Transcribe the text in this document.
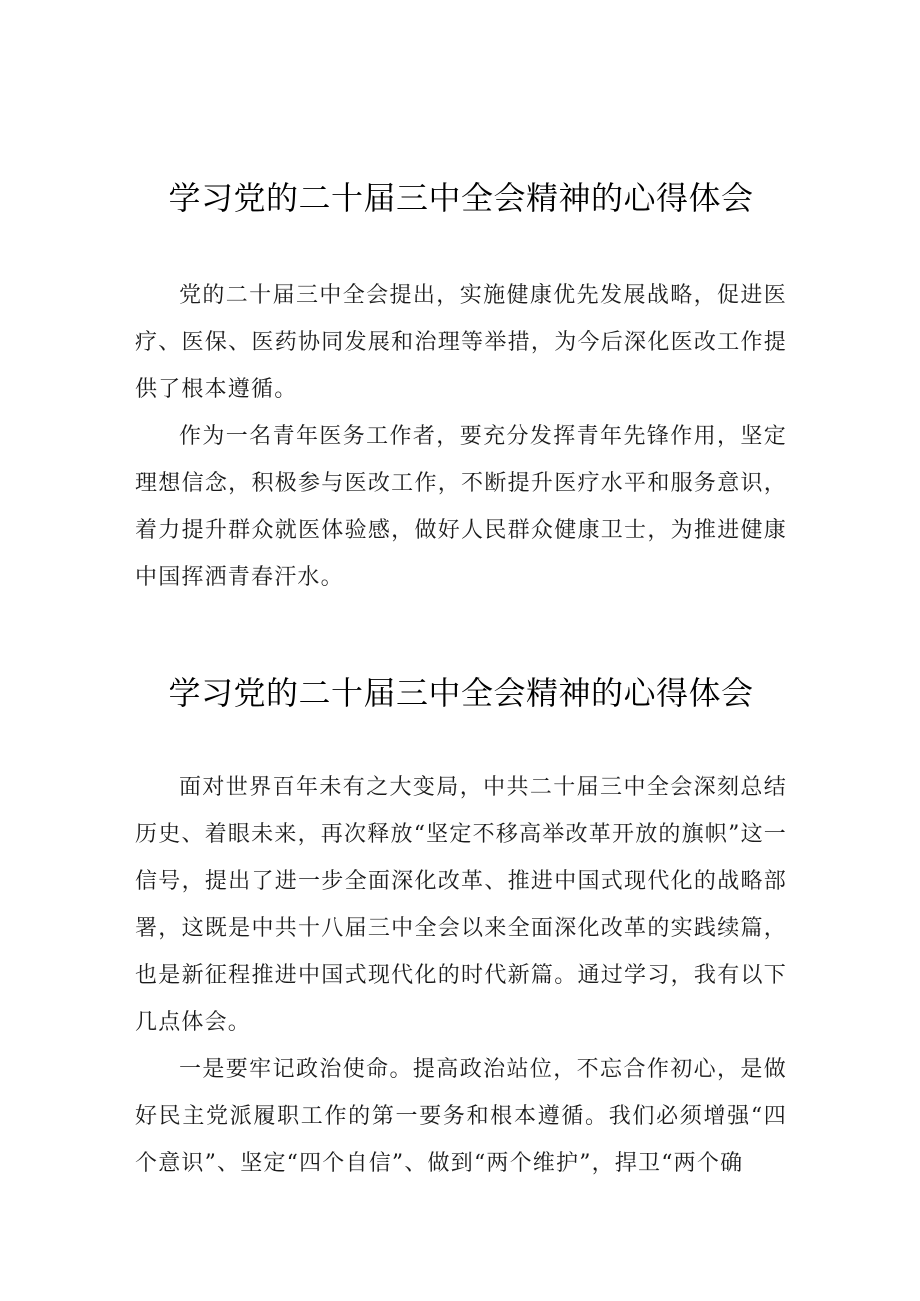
学习党的二十届三中全会精神的心得体会

党的二十届三中全会提出，实施健康优先发展战略，促进医疗、医保、医药协同发展和治理等举措，为今后深化医改工作提供了根本遵循。

作为一名青年医务工作者，要充分发挥青年先锋作用，坚定理想信念，积极参与医改工作，不断提升医疗水平和服务意识，着力提升群众就医体验感，做好人民群众健康卫士，为推进健康中国挥洒青春汗水。

学习党的二十届三中全会精神的心得体会

面对世界百年未有之大变局，中共二十届三中全会深刻总结历史、着眼未来，再次释放“坚定不移高举改革开放的旗帜”这一信号，提出了进一步全面深化改革、推进中国式现代化的战略部署，这既是中共十八届三中全会以来全面深化改革的实践续篇，也是新征程推进中国式现代化的时代新篇。通过学习，我有以下几点体会。

一是要牢记政治使命。提高政治站位，不忘合作初心，是做好民主党派履职工作的第一要务和根本遵循。我们必须增强“四个意识”、坚定“四个自信”、做到“两个维护”，捍卫“两个确
